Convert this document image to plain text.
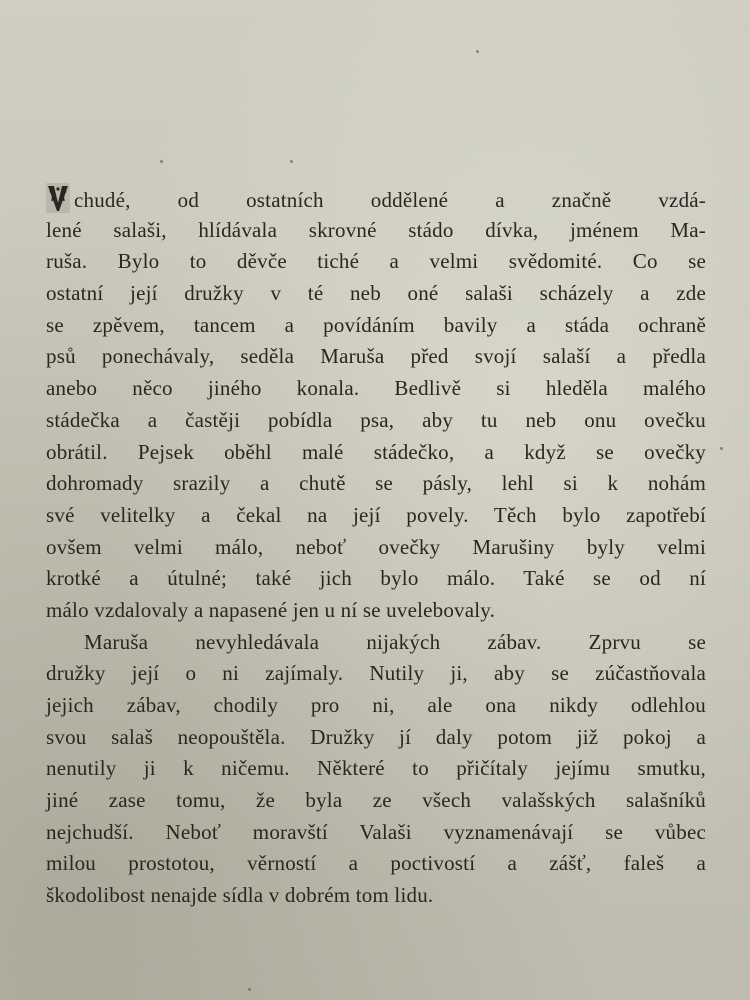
chudé, od ostatních oddělené a značně vzdá-
lené salaši, hlídávala skrovné stádo dívka, jménem Ma-
ruša. Bylo to děvče tiché a velmi svědomité. Co se
ostatní její družky v té neb oné salaši scházely a zde
se zpěvem, tancem a povídáním bavily a stáda ochraně
psů ponechávaly, seděla Maruša před svojí salaší a předla
anebo něco jiného konala. Bedlivě si hleděla malého
stádečka a častěji pobídla psa, aby tu neb onu ovečku
obrátil. Pejsek oběhl malé stádečko, a když se ovečky
dohromady srazily a chutě se pásly, lehl si k nohám
své velitelky a čekal na její povely. Těch bylo zapotřebí
ovšem velmi málo, neboť ovečky Marušiny byly velmi
krotké a útulné; také jich bylo málo. Také se od ní
málo vzdalovaly a napasené jen u ní se uvelebovaly.
Maruša nevyhledávala nijakých zábav. Zprvu se
družky její o ni zajímaly. Nutily ji, aby se zúčastňovala
jejich zábav, chodily pro ni, ale ona nikdy odlehlou
svou salaš neopouštěla. Družky jí daly potom již pokoj a
nenutily ji k ničemu. Některé to přičítaly jejímu smutku,
jiné zase tomu, že byla ze všech valašských salašníků
nejchudší. Neboť moravští Valaši vyznamenávají se vůbec
milou prostotou, věrností a poctivostí a zášť, faleš a
škodolibost nenajde sídla v dobrém tom lidu.
